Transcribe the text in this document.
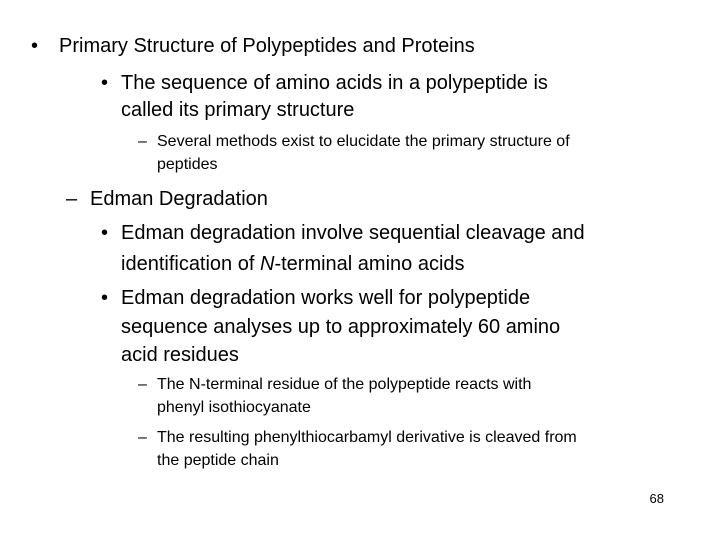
• Primary Structure of Polypeptides and Proteins
• The sequence of amino acids in a polypeptide is
called its primary structure
– Several methods exist to elucidate the primary structure of
peptides
– Edman Degradation
• Edman degradation involve sequential cleavage and
identification of N-terminal amino acids
• Edman degradation works well for polypeptide
sequence analyses up to approximately 60 amino
acid residues
– The N-terminal residue of the polypeptide reacts with
phenyl isothiocyanate
– The resulting phenylthiocarbamyl derivative is cleaved from
the peptide chain
68
